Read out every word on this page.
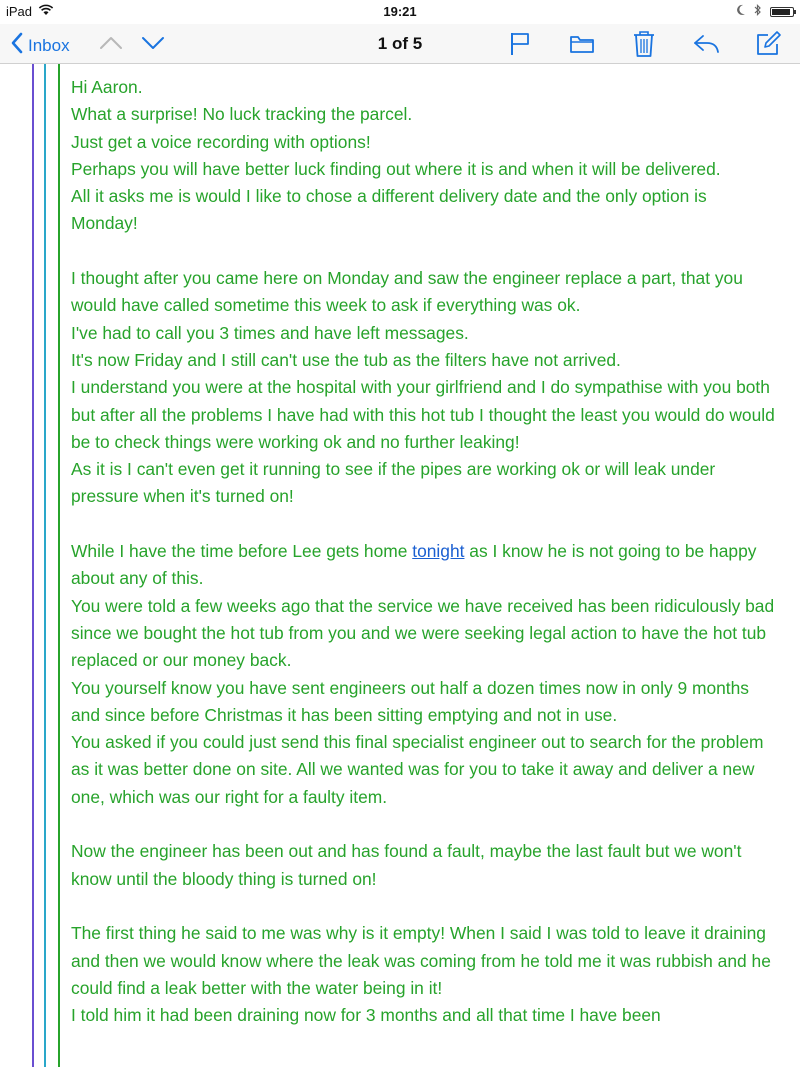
iPad	19:21
Inbox	1 of 5

Hi Aaron.

What a surprise! No luck tracking the parcel.

Just get a voice recording with options!

Perhaps you will have better luck finding out where it is and when it will be delivered.

All it asks me is would I like to chose a different delivery date and the only option is Monday!

I thought after you came here on Monday and saw the engineer replace a part, that you would have called sometime this week to ask if everything was ok.

I've had to call you 3 times and have left messages.

It's now Friday and I still can't use the tub as the filters have not arrived.

I understand you were at the hospital with your girlfriend and I do sympathise with you both but after all the problems I have had with this hot tub I thought the least you would do would be to check things were working ok and no further leaking!

As it is I can't even get it running to see if the pipes are working ok or will leak under pressure when it's turned on!

While I have the time before Lee gets home tonight as I know he is not going to be happy about any of this.

You were told a few weeks ago that the service we have received has been ridiculously bad since we bought the hot tub from you and we were seeking legal action to have the hot tub replaced or our money back.

You yourself know you have sent engineers out half a dozen times now in only 9 months and since before Christmas it has been sitting emptying and not in use.

You asked if you could just send this final specialist engineer out to search for the problem as it was better done on site. All we wanted was for you to take it away and deliver a new one, which was our right for a faulty item.

Now the engineer has been out and has found a fault, maybe the last fault but we won't know until the bloody thing is turned on!

The first thing he said to me was why is it empty! When I said I was told to leave it draining and then we would know where the leak was coming from he told me it was rubbish and he could find a leak better with the water being in it!

I told him it had been draining now for 3 months and all that time I have been
